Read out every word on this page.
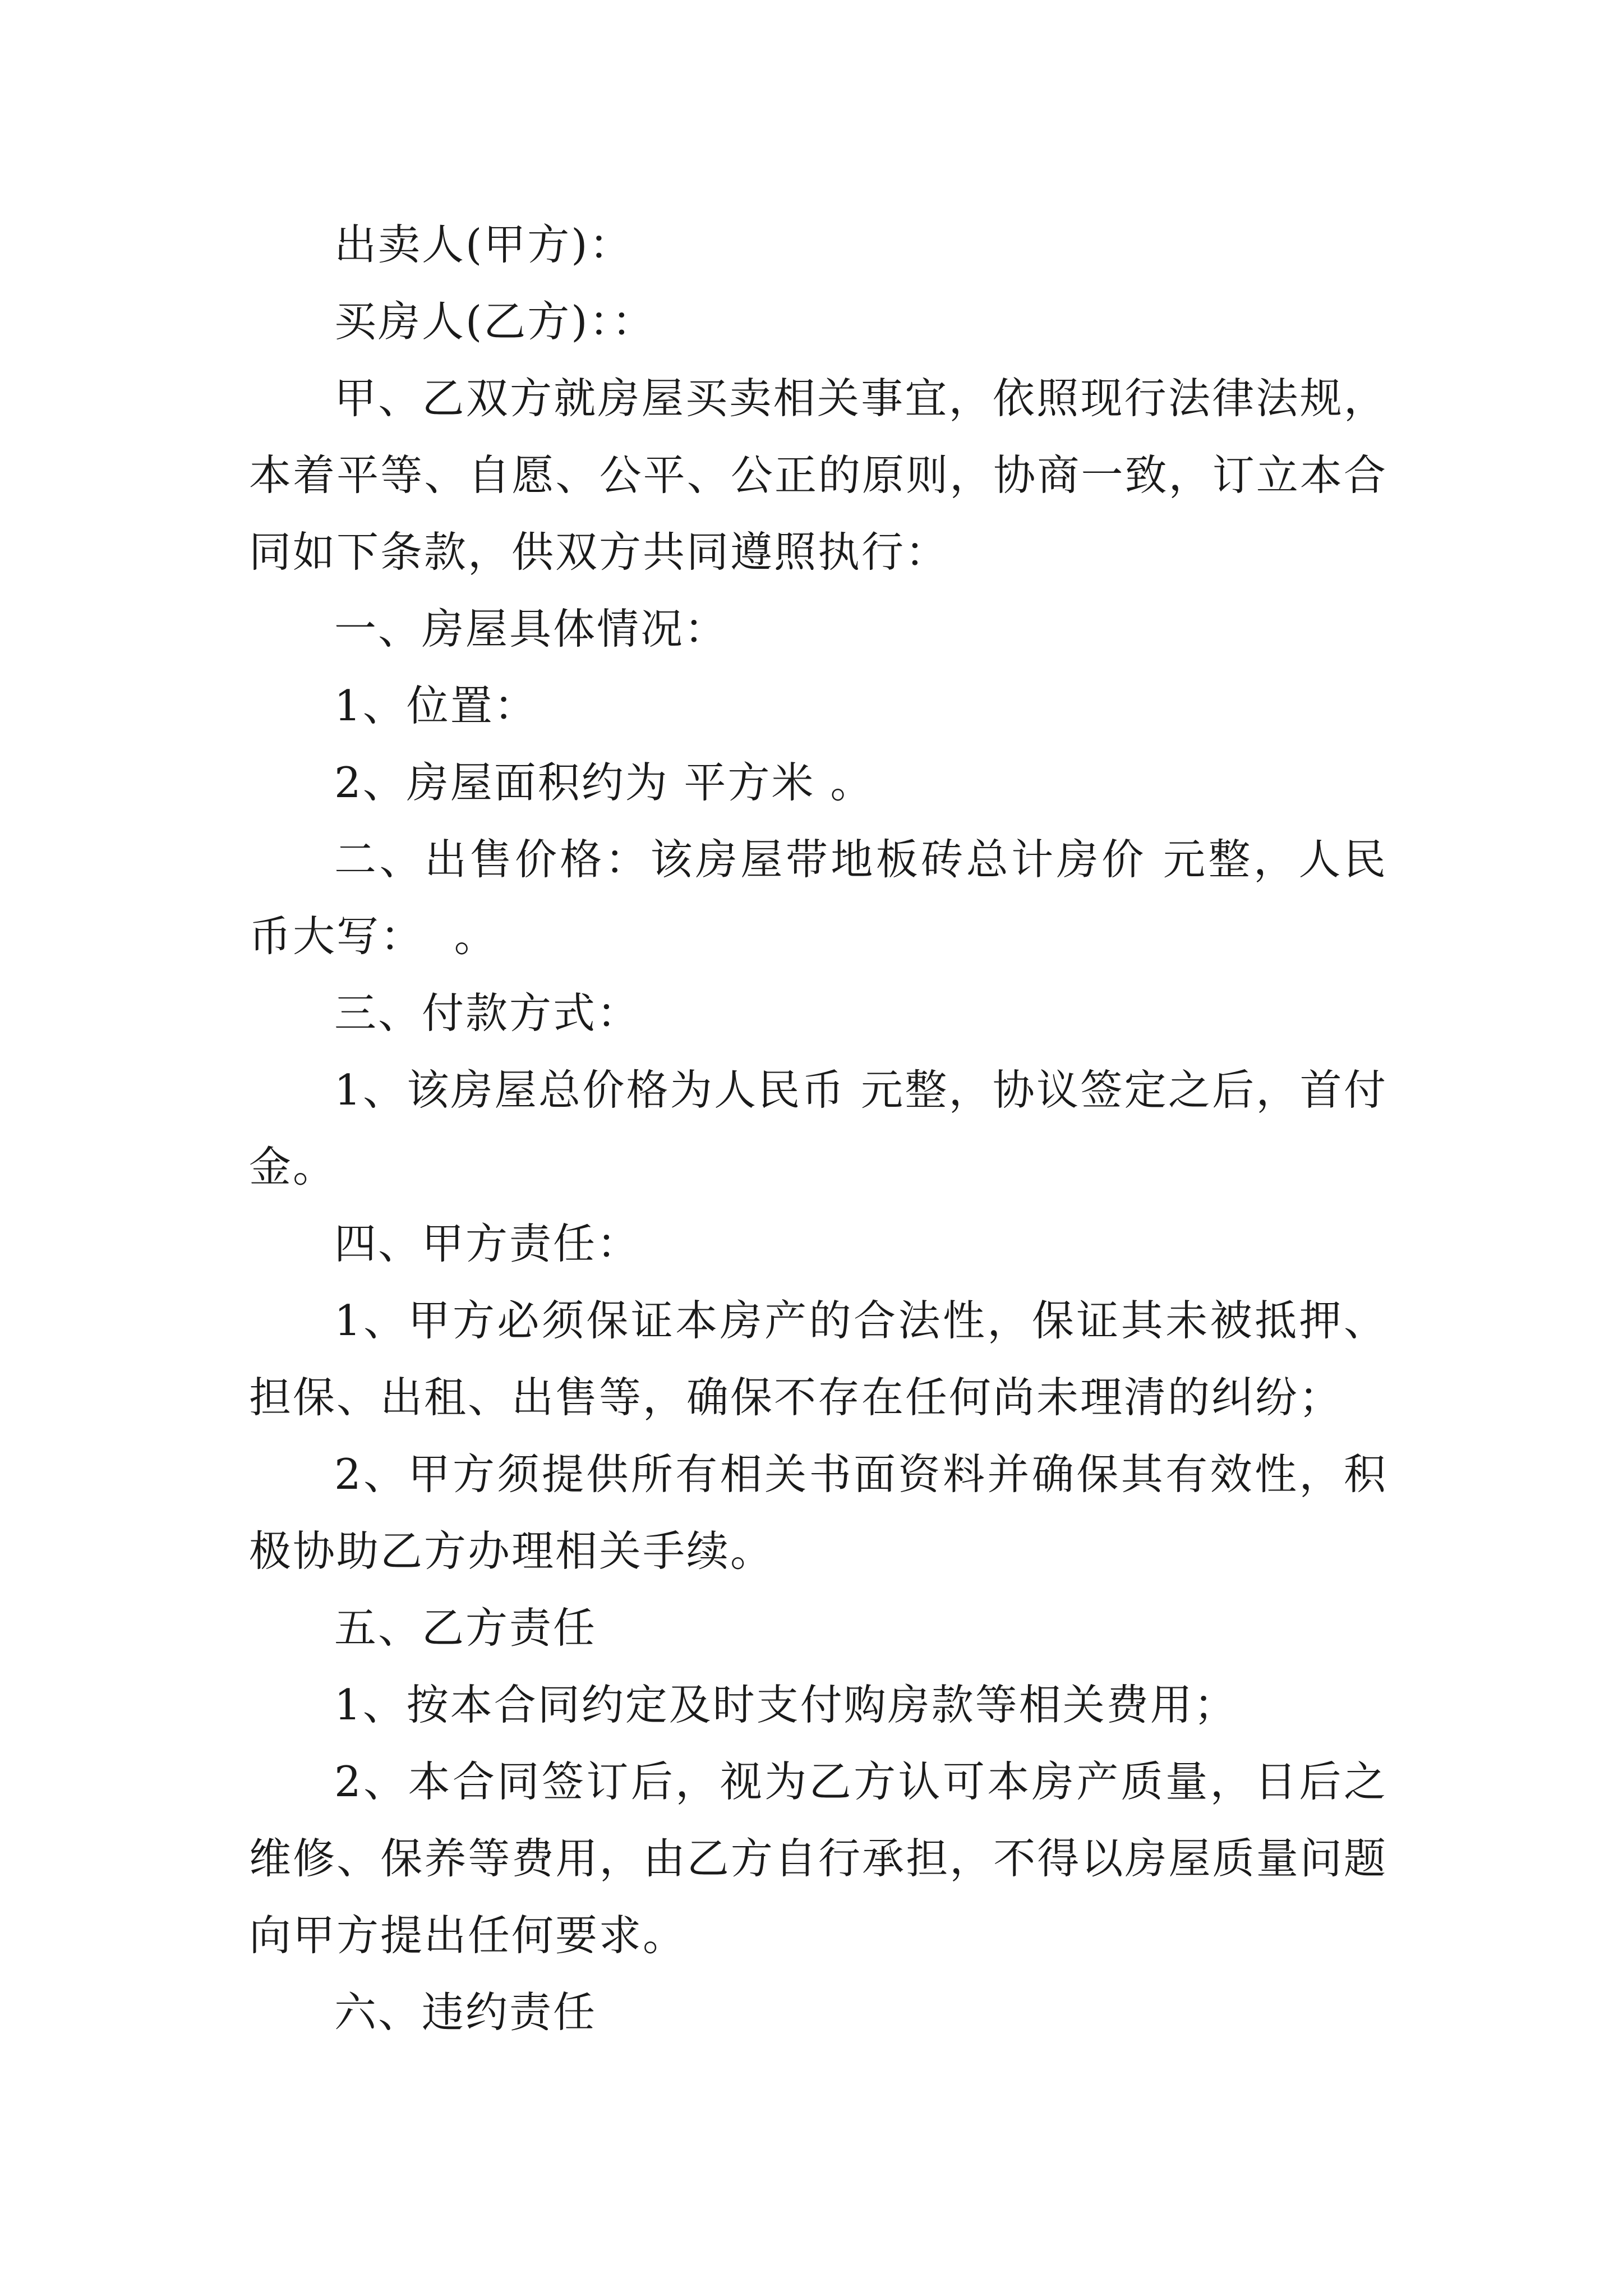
出卖人(甲方)：

买房人(乙方)：：

甲、乙双方就房屋买卖相关事宜，依照现行法律法规，本着平等、自愿、公平、公正的原则，协商一致，订立本合同如下条款，供双方共同遵照执行：

一、房屋具体情况：

1、位置：

2、房屋面积约为 平方米 。

二、出售价格：该房屋带地板砖总计房价 元整，人民币大写：  。

三、付款方式：

1、该房屋总价格为人民币 元整，协议签定之后，首付金。

四、甲方责任：

1、甲方必须保证本房产的合法性，保证其未被抵押、担保、出租、出售等，确保不存在任何尚未理清的纠纷；

2、甲方须提供所有相关书面资料并确保其有效性，积极协助乙方办理相关手续。

五、乙方责任

1、按本合同约定及时支付购房款等相关费用；

2、本合同签订后，视为乙方认可本房产质量，日后之维修、保养等费用，由乙方自行承担，不得以房屋质量问题向甲方提出任何要求。

六、违约责任
